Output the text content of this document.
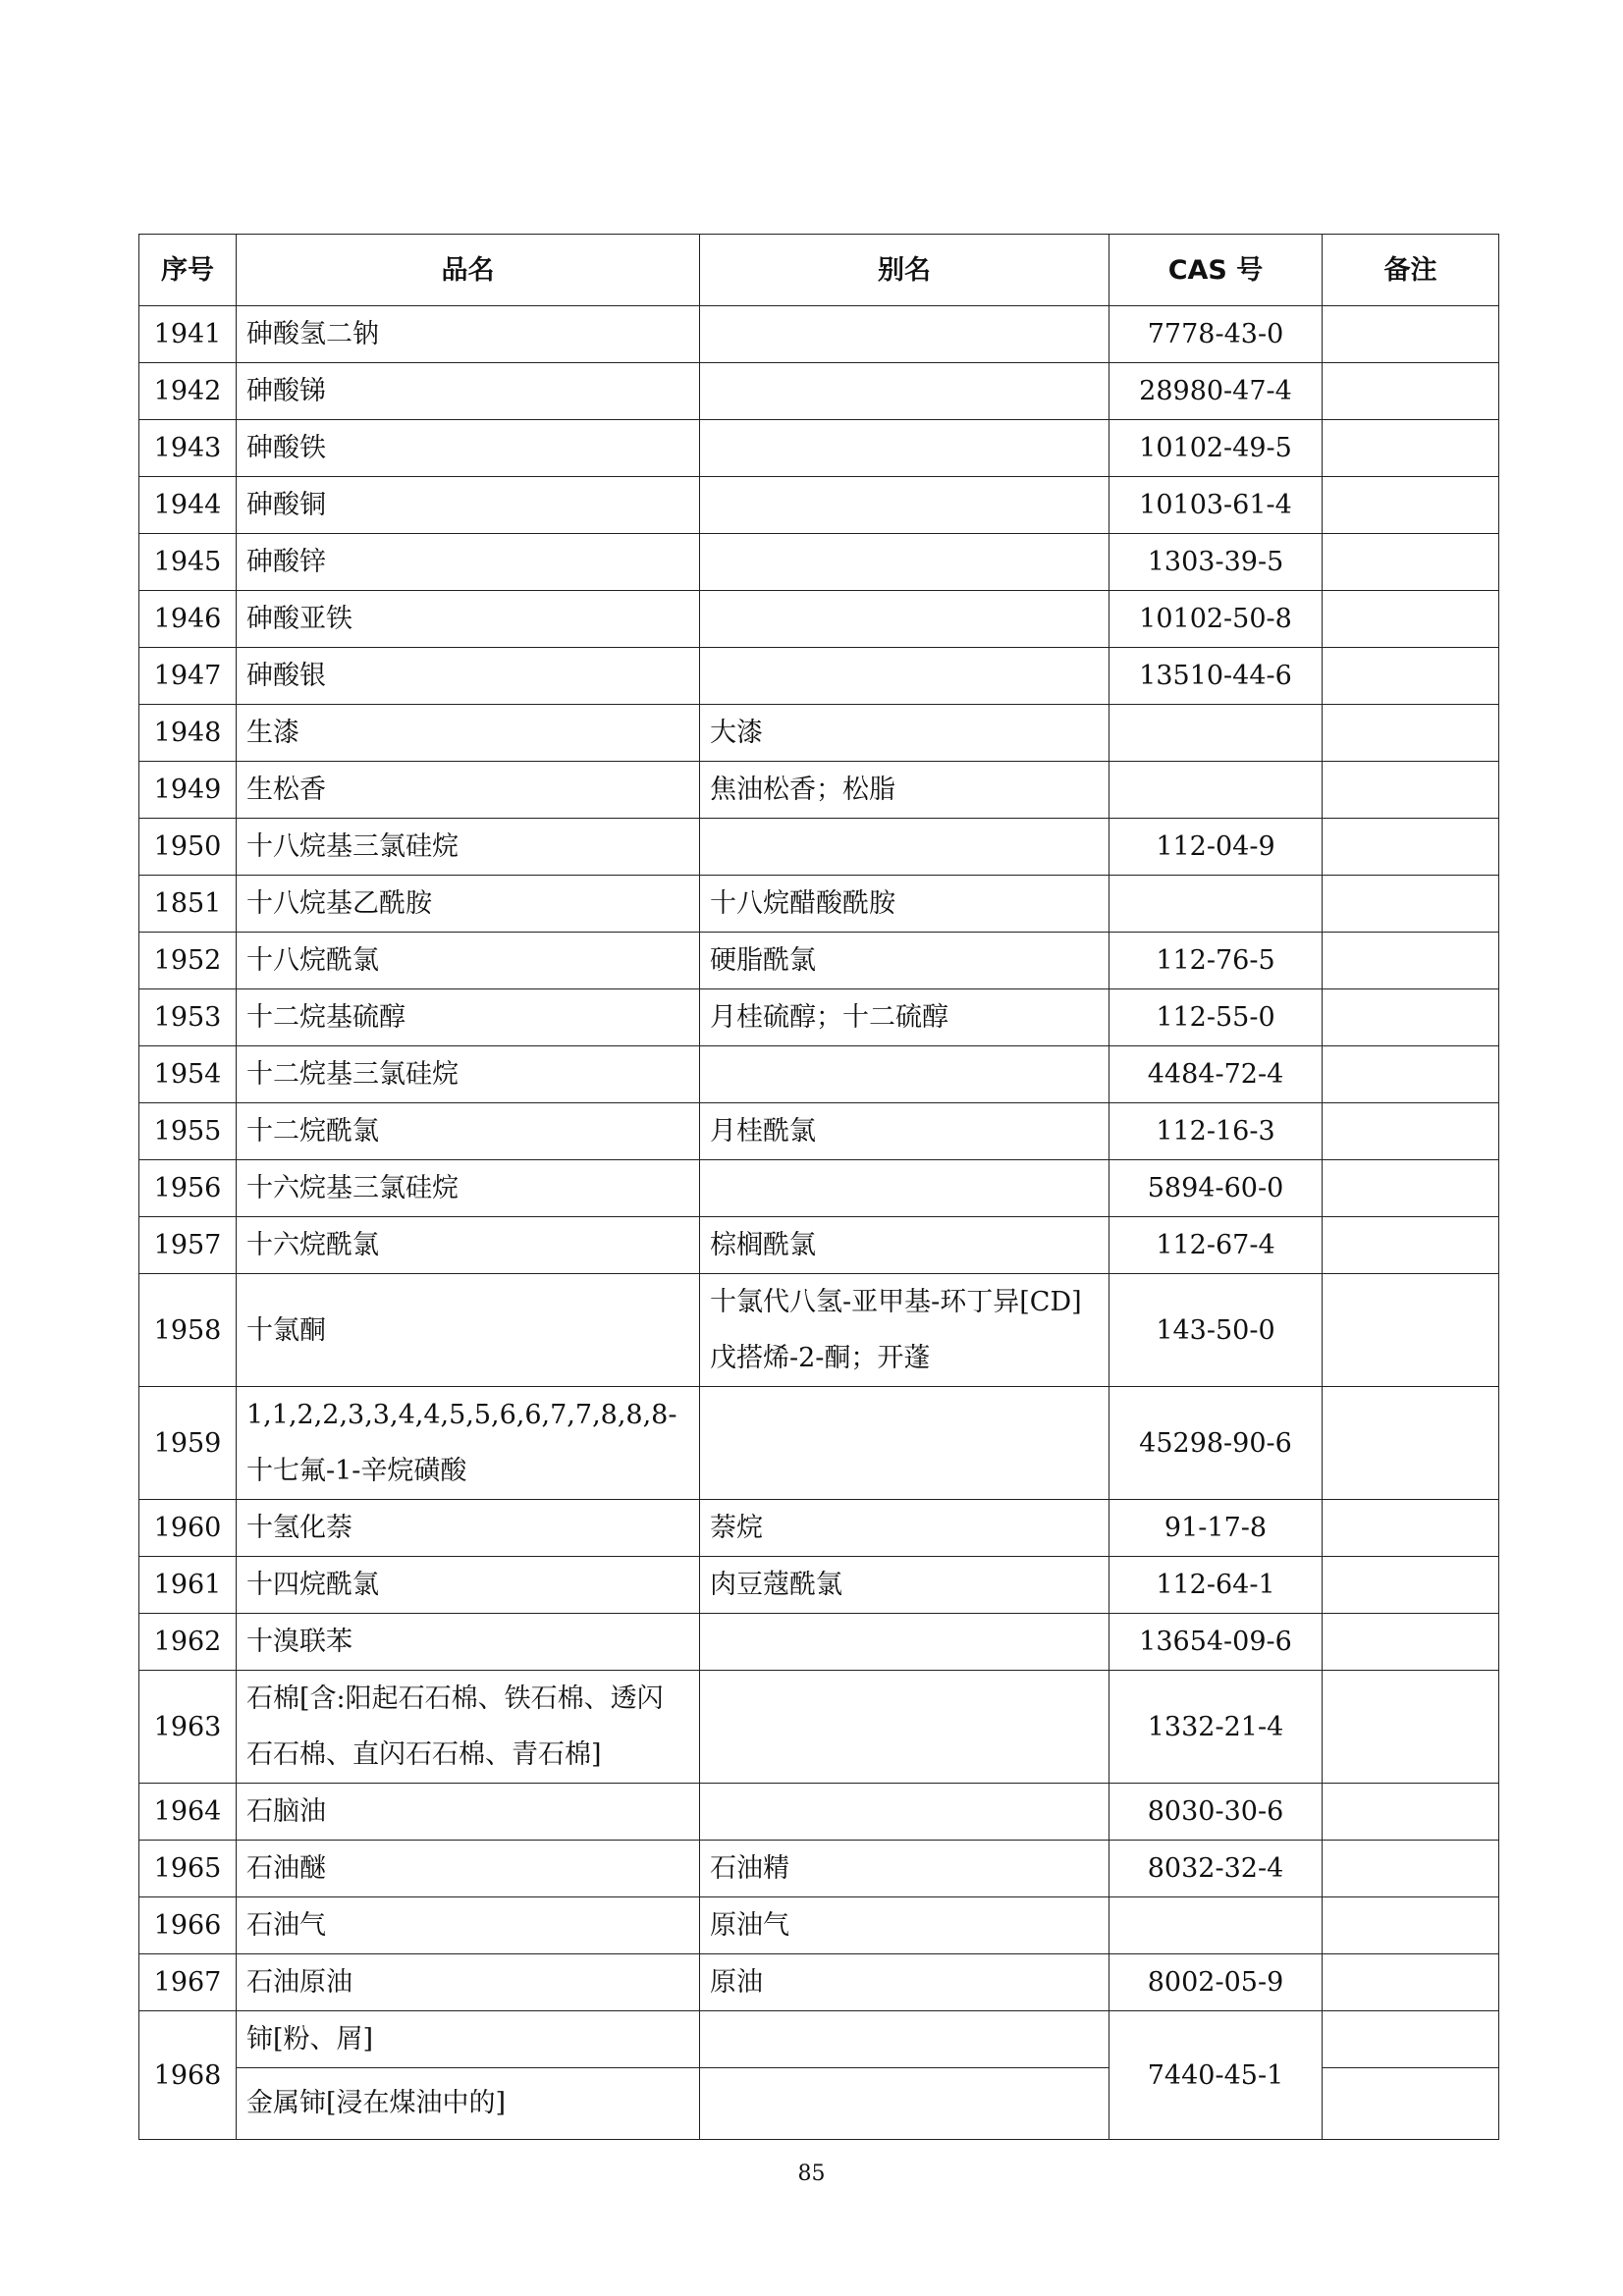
序号	品名	别名	CAS 号	备注
1941	砷酸氢二钠		7778-43-0	
1942	砷酸锑		28980-47-4	
1943	砷酸铁		10102-49-5	
1944	砷酸铜		10103-61-4	
1945	砷酸锌		1303-39-5	
1946	砷酸亚铁		10102-50-8	
1947	砷酸银		13510-44-6	
1948	生漆	大漆		
1949	生松香	焦油松香；松脂		
1950	十八烷基三氯硅烷		112-04-9	
1851	十八烷基乙酰胺	十八烷醋酸酰胺		
1952	十八烷酰氯	硬脂酰氯	112-76-5	
1953	十二烷基硫醇	月桂硫醇；十二硫醇	112-55-0	
1954	十二烷基三氯硅烷		4484-72-4	
1955	十二烷酰氯	月桂酰氯	112-16-3	
1956	十六烷基三氯硅烷		5894-60-0	
1957	十六烷酰氯	棕榈酰氯	112-67-4	
1958	十氯酮	十氯代八氢-亚甲基-环丁异[CD]戊搭烯-2-酮；开蓬	143-50-0	
1959	1,1,2,2,3,3,4,4,5,5,6,6,7,7,8,8,8-十七氟-1-辛烷磺酸		45298-90-6	
1960	十氢化萘	萘烷	91-17-8	
1961	十四烷酰氯	肉豆蔻酰氯	112-64-1	
1962	十溴联苯		13654-09-6	
1963	石棉[含:阳起石石棉、铁石棉、透闪石石棉、直闪石石棉、青石棉]		1332-21-4	
1964	石脑油		8030-30-6	
1965	石油醚	石油精	8032-32-4	
1966	石油气	原油气		
1967	石油原油	原油	8002-05-9	
1968	铈[粉、屑]		7440-45-1	
	金属铈[浸在煤油中的]			
85
